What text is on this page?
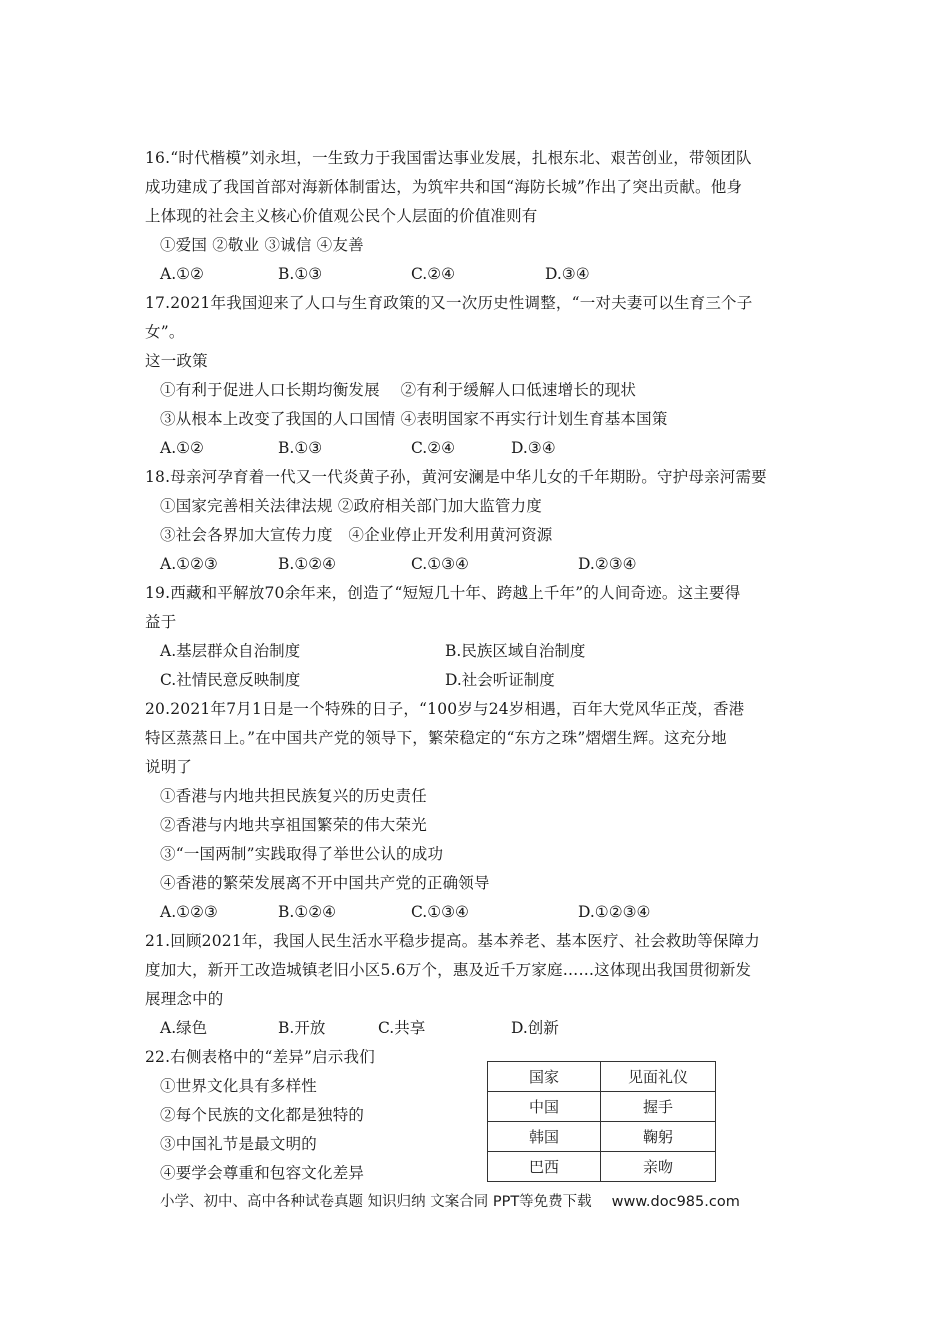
16.“时代楷模”刘永坦，一生致力于我国雷达事业发展，扎根东北、艰苦创业，带领团队
成功建成了我国首部对海新体制雷达，为筑牢共和国“海防长城”作出了突出贡献。他身
上体现的社会主义核心价值观公民个人层面的价值准则有
①爱国 ②敬业 ③诚信 ④友善
A.①②	B.①③	C.②④	D.③④
17.2021年我国迎来了人口与生育政策的又一次历史性调整，“一对夫妻可以生育三个子
女”。
这一政策
①有利于促进人口长期均衡发展　 ②有利于缓解人口低速增长的现状
③从根本上改变了我国的人口国情 ④表明国家不再实行计划生育基本国策
A.①②	B.①③	C.②④	D.③④
18.母亲河孕育着一代又一代炎黄子孙，黄河安澜是中华儿女的千年期盼。守护母亲河需要
①国家完善相关法律法规 ②政府相关部门加大监管力度
③社会各界加大宣传力度　④企业停止开发利用黄河资源
A.①②③	B.①②④	C.①③④	D.②③④
19.西藏和平解放70余年来，创造了“短短几十年、跨越上千年”的人间奇迹。这主要得
益于
A.基层群众自治制度	B.民族区域自治制度
C.社情民意反映制度	D.社会听证制度
20.2021年7月1日是一个特殊的日子，“100岁与24岁相遇，百年大党风华正茂，香港
特区蒸蒸日上。”在中国共产党的领导下，繁荣稳定的“东方之珠”熠熠生辉。这充分地
说明了
①香港与内地共担民族复兴的历史责任
②香港与内地共享祖国繁荣的伟大荣光
③“一国两制”实践取得了举世公认的成功
④香港的繁荣发展离不开中国共产党的正确领导
A.①②③	B.①②④	C.①③④	D.①②③④
21.回顾2021年，我国人民生活水平稳步提高。基本养老、基本医疗、社会救助等保障力
度加大，新开工改造城镇老旧小区5.6万个，惠及近千万家庭……这体现出我国贯彻新发
展理念中的
A.绿色	B.开放	C.共享	D.创新
22.右侧表格中的“差异”启示我们
①世界文化具有多样性
②每个民族的文化都是独特的
③中国礼节是最文明的
④要学会尊重和包容文化差异
国家	见面礼仪
中国	握手
韩国	鞠躬
巴西	亲吻
小学、初中、高中各种试卷真题 知识归纳 文案合同 PPT等免费下载 www.doc985.com
